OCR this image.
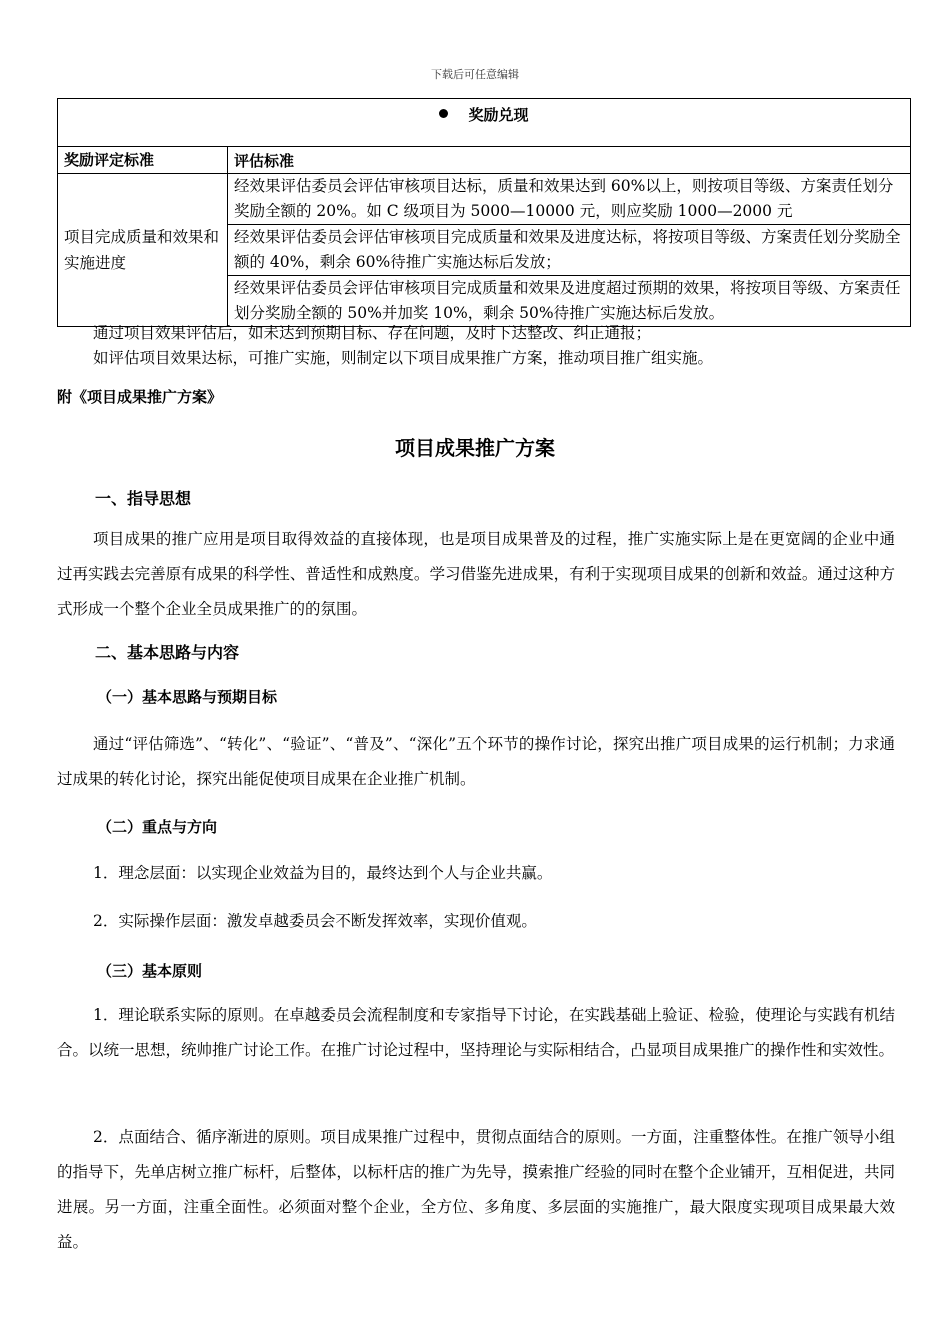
下载后可任意编辑
奖励兑现	
奖励评定标准	评估标准
项目完成质量和效果和实施进度	经效果评估委员会评估审核项目达标，质量和效果达到 60%以上，则按项目等级、方案责任划分奖励全额的 20%。如 C 级项目为 5000—10000 元，则应奖励 1000—2000 元
	经效果评估委员会评估审核项目完成质量和效果及进度达标，将按项目等级、方案责任划分奖励全额的 40%，剩余 60%待推广实施达标后发放；
	经效果评估委员会评估审核项目完成质量和效果及进度超过预期的效果，将按项目等级、方案责任划分奖励全额的 50%并加奖 10%，剩余 50%待推广实施达标后发放。
通过项目效果评估后，如未达到预期目标、存在问题，及时下达整改、纠正通报；
如评估项目效果达标，可推广实施，则制定以下项目成果推广方案，推动项目推广组实施。
附《项目成果推广方案》
项目成果推广方案
一、指导思想
项目成果的推广应用是项目取得效益的直接体现，也是项目成果普及的过程，推广实施实际上是在更宽阔的企业中通过再实践去完善原有成果的科学性、普适性和成熟度。学习借鉴先进成果，有利于实现项目成果的创新和效益。通过这种方式形成一个整个企业全员成果推广的的氛围。
二、基本思路与内容
（一）基本思路与预期目标
通过“评估筛选”、“转化”、“验证”、“普及”、“深化”五个环节的操作讨论，探究出推广项目成果的运行机制；力求通过成果的转化讨论，探究出能促使项目成果在企业推广机制。
（二）重点与方向
1．理念层面：以实现企业效益为目的，最终达到个人与企业共赢。
2．实际操作层面：激发卓越委员会不断发挥效率，实现价值观。
（三）基本原则
1．理论联系实际的原则。在卓越委员会流程制度和专家指导下讨论，在实践基础上验证、检验，使理论与实践有机结合。以统一思想，统帅推广讨论工作。在推广讨论过程中，坚持理论与实际相结合，凸显项目成果推广的操作性和实效性。
2．点面结合、循序渐进的原则。项目成果推广过程中，贯彻点面结合的原则。一方面，注重整体性。在推广领导小组的指导下，先单店树立推广标杆，后整体，以标杆店的推广为先导，摸索推广经验的同时在整个企业铺开，互相促进，共同进展。另一方面，注重全面性。必须面对整个企业，全方位、多角度、多层面的实施推广，最大限度实现项目成果最大效益。
